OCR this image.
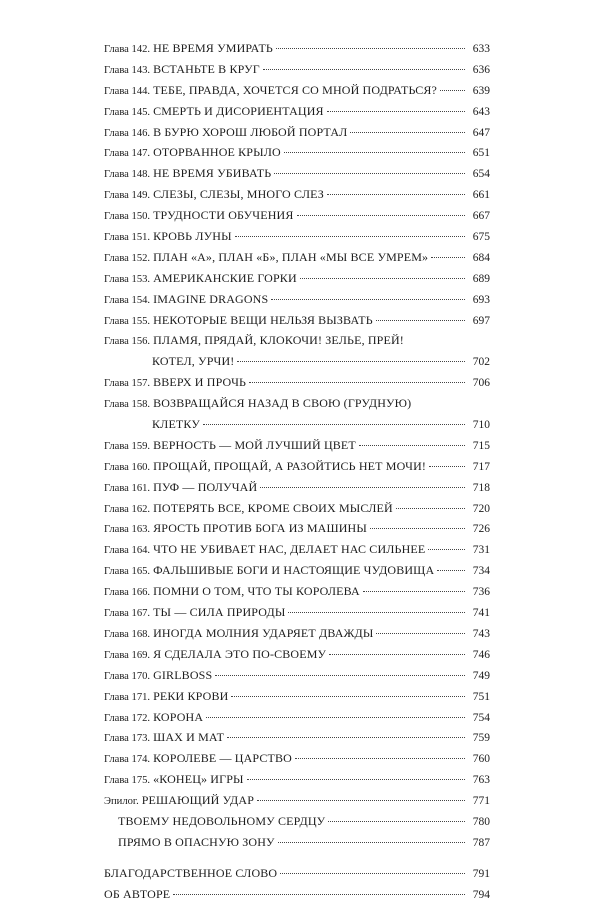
Глава 142. НЕ ВРЕМЯ УМИРАТЬ	633
Глава 143. ВСТАНЬТЕ В КРУГ	636
Глава 144. ТЕБЕ, ПРАВДА, ХОЧЕТСЯ СО МНОЙ ПОДРАТЬСЯ?	639
Глава 145. СМЕРТЬ И ДИСОРИЕНТАЦИЯ	643
Глава 146. В БУРЮ ХОРОШ ЛЮБОЙ ПОРТАЛ	647
Глава 147. ОТОРВАННОЕ КРЫЛО	651
Глава 148. НЕ ВРЕМЯ УБИВАТЬ	654
Глава 149. СЛЕЗЫ, СЛЕЗЫ, МНОГО СЛЕЗ	661
Глава 150. ТРУДНОСТИ ОБУЧЕНИЯ	667
Глава 151. КРОВЬ ЛУНЫ	675
Глава 152. ПЛАН «А», ПЛАН «Б», ПЛАН «МЫ ВСЕ УМРЕМ»	684
Глава 153. АМЕРИКАНСКИЕ ГОРКИ	689
Глава 154. IMAGINE DRAGONS	693
Глава 155. НЕКОТОРЫЕ ВЕЩИ НЕЛЬЗЯ ВЫЗВАТЬ	697
Глава 156. ПЛАМЯ, ПРЯДАЙ, КЛОКОЧИ! ЗЕЛЬЕ, ПРЕЙ!
КОТЕЛ, УРЧИ!	702
Глава 157. ВВЕРХ И ПРОЧЬ	706
Глава 158. ВОЗВРАЩАЙСЯ НАЗАД В СВОЮ (ГРУДНУЮ)
КЛЕТКУ	710
Глава 159. ВЕРНОСТЬ — МОЙ ЛУЧШИЙ ЦВЕТ	715
Глава 160. ПРОЩАЙ, ПРОЩАЙ, А РАЗОЙТИСЬ НЕТ МОЧИ!	717
Глава 161. ПУФ — ПОЛУЧАЙ	718
Глава 162. ПОТЕРЯТЬ ВСЕ, КРОМЕ СВОИХ МЫСЛЕЙ	720
Глава 163. ЯРОСТЬ ПРОТИВ БОГА ИЗ МАШИНЫ	726
Глава 164. ЧТО НЕ УБИВАЕТ НАС, ДЕЛАЕТ НАС СИЛЬНЕЕ	731
Глава 165. ФАЛЬШИВЫЕ БОГИ И НАСТОЯЩИЕ ЧУДОВИЩА	734
Глава 166. ПОМНИ О ТОМ, ЧТО ТЫ КОРОЛЕВА	736
Глава 167. ТЫ — СИЛА ПРИРОДЫ	741
Глава 168. ИНОГДА МОЛНИЯ УДАРЯЕТ ДВАЖДЫ	743
Глава 169. Я СДЕЛАЛА ЭТО ПО-СВОЕМУ	746
Глава 170. GIRLBOSS	749
Глава 171. РЕКИ КРОВИ	751
Глава 172. КОРОНА	754
Глава 173. ШАХ И МАТ	759
Глава 174. КОРОЛЕВЕ — ЦАРСТВО	760
Глава 175. «КОНЕЦ» ИГРЫ	763
Эпилог. РЕШАЮЩИЙ УДАР	771
ТВОЕМУ НЕДОВОЛЬНОМУ СЕРДЦУ	780
ПРЯМО В ОПАСНУЮ ЗОНУ	787
БЛАГОДАРСТВЕННОЕ СЛОВО	791
ОБ АВТОРЕ	794
